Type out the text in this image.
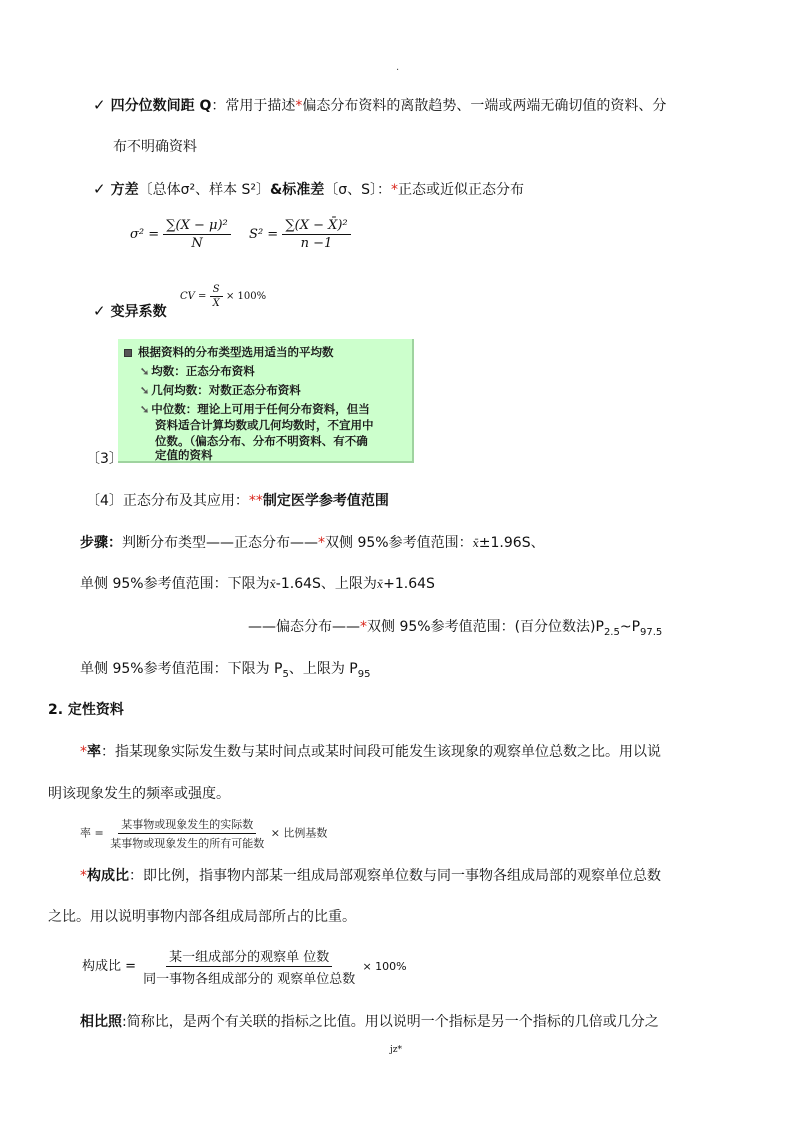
.
✓ 四分位数间距 Q：常用于描述*偏态分布资料的离散趋势、一端或两端无确切值的资料、分
布不明确资料
✓ 方差〔总体σ²、样本 S²〕&标准差〔σ、S〕：*正态或近似正态分布
$\sigma^2 = \frac{\text{∑(X − μ)²}}{N} S^2 = \frac{\text{∑(X − X̄)²}}{n -1}$
✓ 变异系数
CV = $\frac{S}{X̄} \times 100\%$
根据资料的分布类型选用适当的平均数
➘ 均数：正态分布资料
➘ 几何均数：对数正态分布资料
➘ 中位数：理论上可用于任何分布资料，但当
资料适合计算均数或几何均数时，不宜用中
位数。（偏态分布、分布不明资料、有不确
定值的资料
〔3〕
〔4〕正态分布及其应用：**制定医学参考值范围
步骤：判断分布类型——正态分布——*双侧 95%参考值范围：x̄±1.96S、
单侧 95%参考值范围：下限为x̄-1.64S、上限为x̄+1.64S
——偏态分布——*双侧 95%参考值范围：(百分位数法)$P_{2.5}\sim P_{97.5}$
单侧 95%参考值范围：下限为 $P_5$、上限为 $P_{95}$
2. 定性资料
*率：指某现象实际发生数与某时间点或某时间段可能发生该现象的观察单位总数之比。用以说
明该现象发生的频率或强度。
率 = $\frac{\text{某事物或现象发生的实际数}}{\text{某事物或现象发生的所有可能数}}$ × 比例基数
*构成比：即比例，指事物内部某一组成局部观察单位数与同一事物各组成局部的观察单位总数
之比。用以说明事物内部各组成局部所占的比重。
构成比 = $\frac{\text{某一组成部分的观察单 位数}}{\text{同一事物各组成部分的 观察单位总数}} \times 100\%$
相比照:简称比，是两个有关联的指标之比值。用以说明一个指标是另一个指标的几倍或几分之
jz*
